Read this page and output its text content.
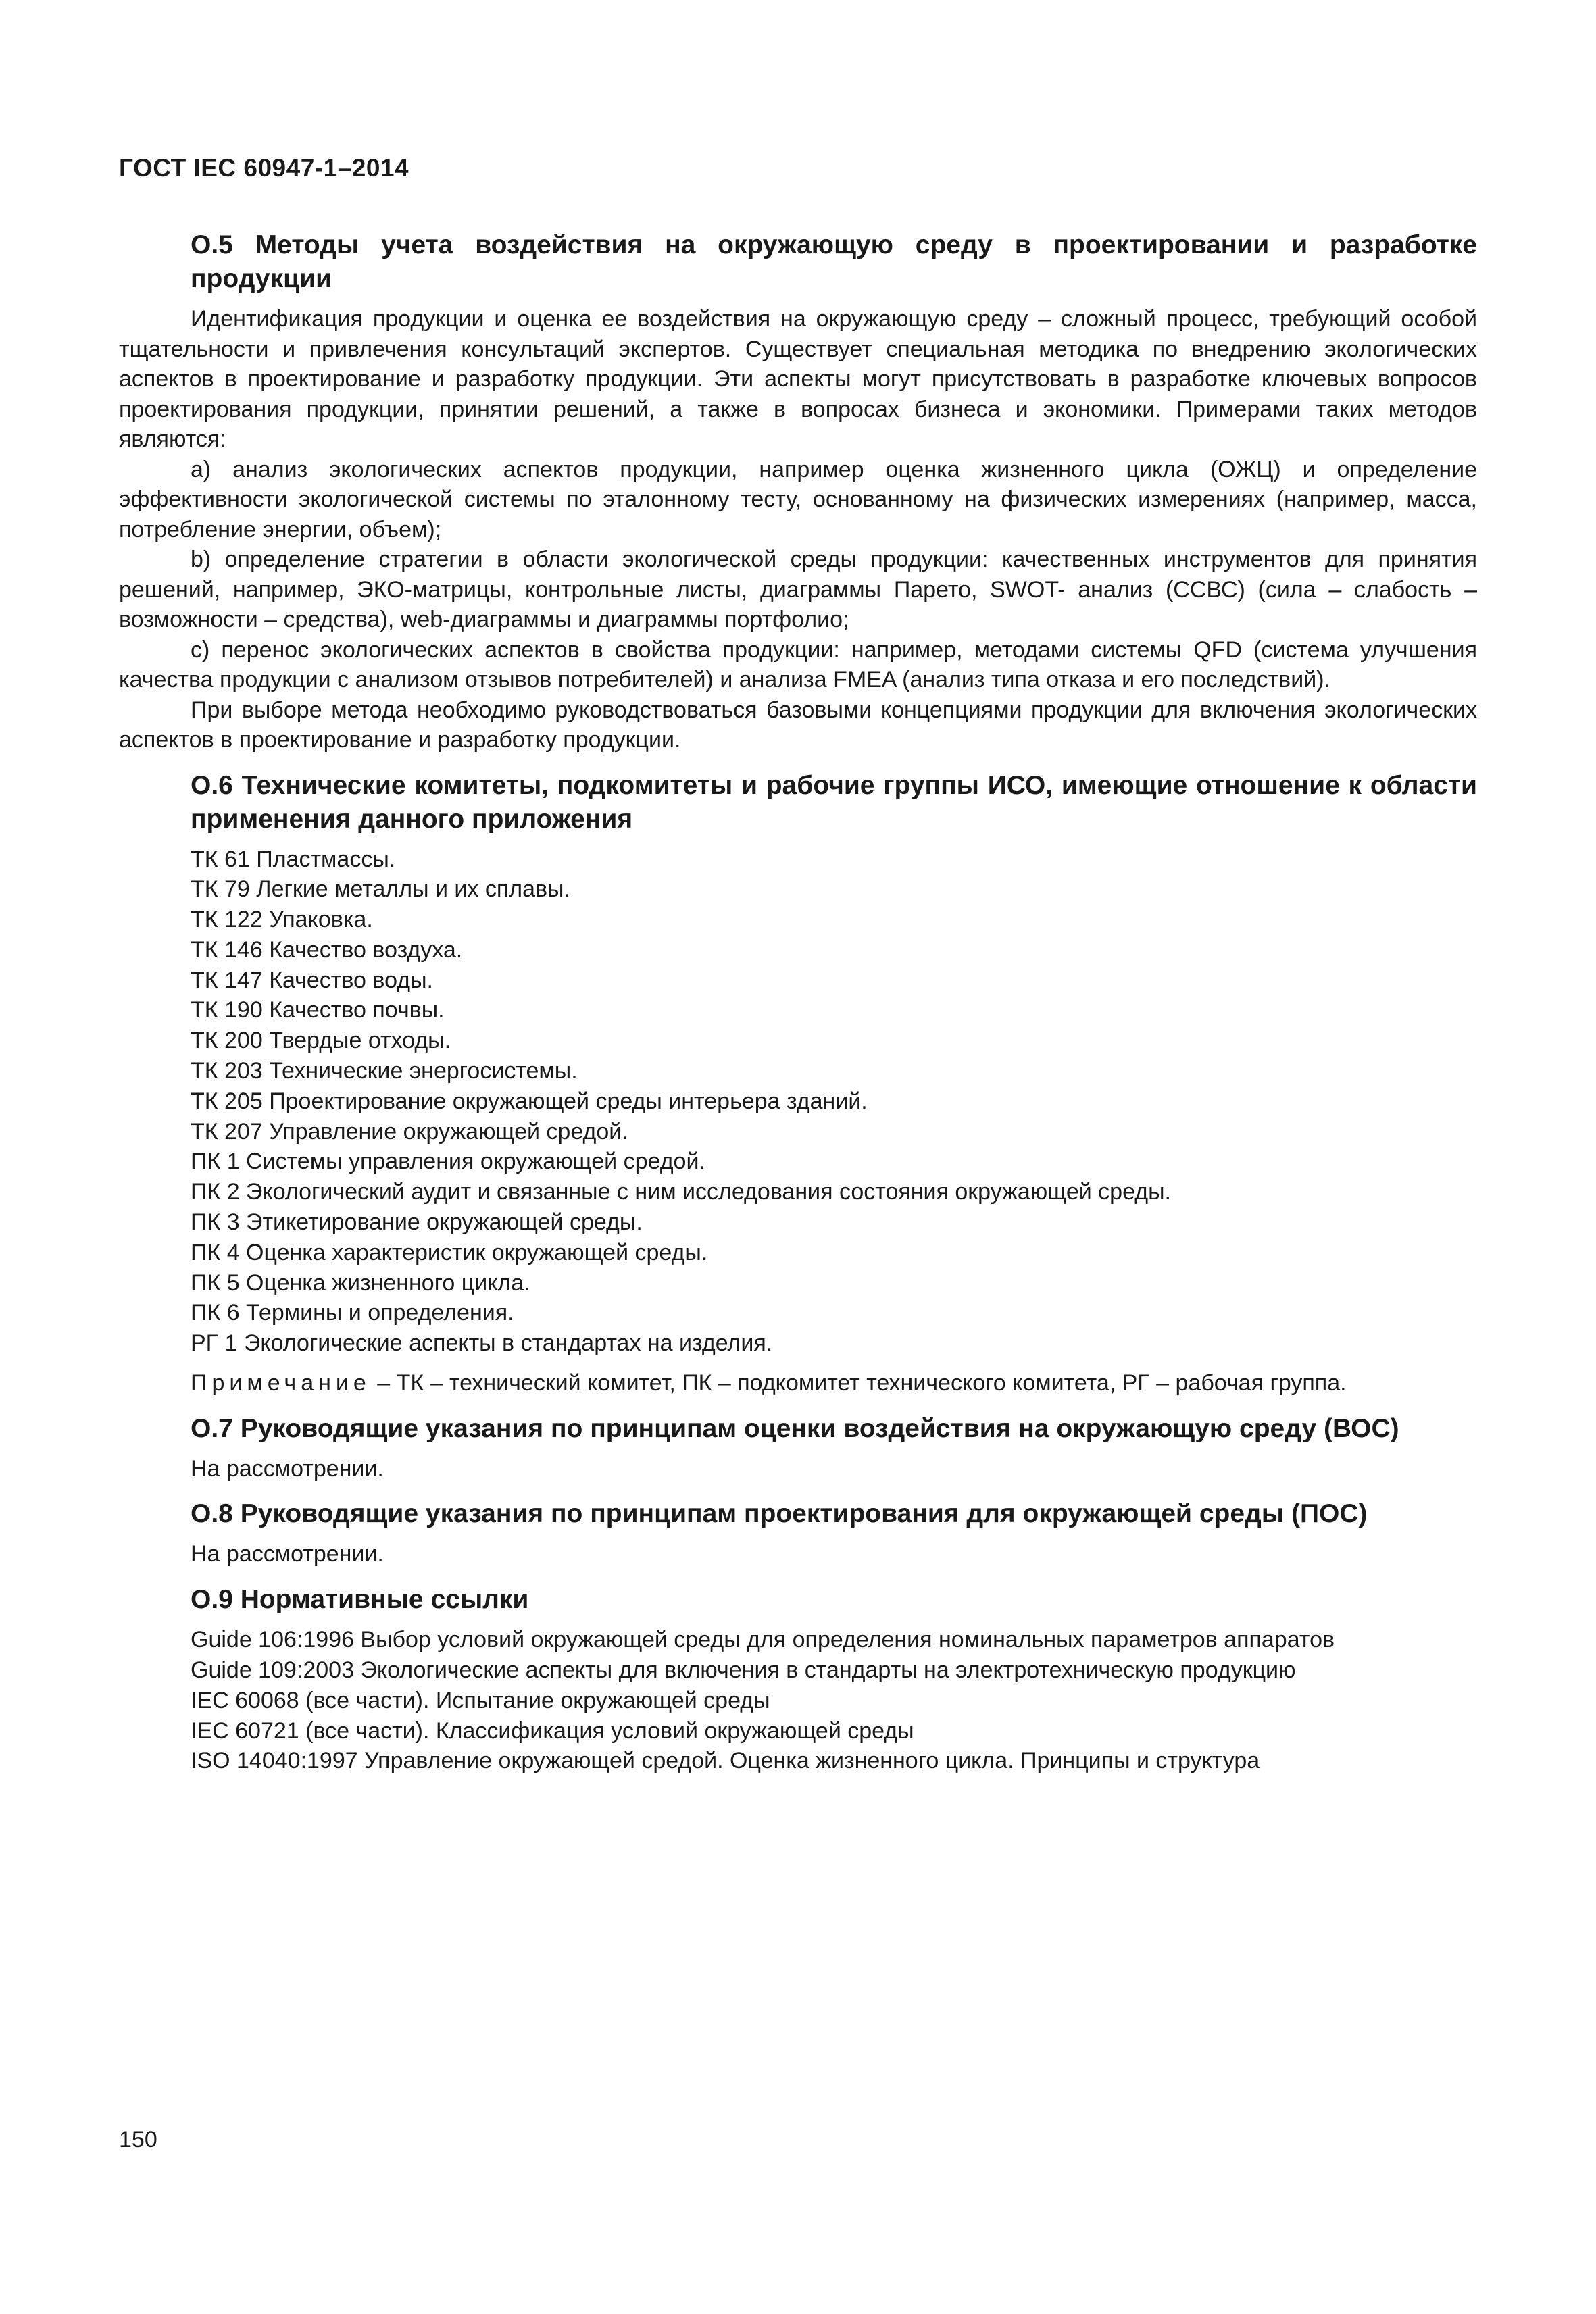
ГОСТ IEC 60947-1–2014
О.5 Методы учета воздействия на окружающую среду в проектировании и разработке продукции

Идентификация продукции и оценка ее воздействия на окружающую среду – сложный процесс, требующий особой тщательности и привлечения консультаций экспертов. Существует специальная методика по внедрению экологических аспектов в проектирование и разработку продукции. Эти аспекты могут присутствовать в разработке ключевых вопросов проектирования продукции, принятии решений, а также в вопросах бизнеса и экономики. Примерами таких методов являются:

a) анализ экологических аспектов продукции, например оценка жизненного цикла (ОЖЦ) и определение эффективности экологической системы по эталонному тесту, основанному на физических измерениях (например, масса, потребление энергии, объем);

b) определение стратегии в области экологической среды продукции: качественных инструментов для принятия решений, например, ЭКО-матрицы, контрольные листы, диаграммы Парето, SWOT- анализ (ССВС) (сила – слабость – возможности – средства), web-диаграммы и диаграммы портфолио;

c) перенос экологических аспектов в свойства продукции: например, методами системы QFD (система улучшения качества продукции с анализом отзывов потребителей) и анализа FMEA (анализ типа отказа и его последствий).

При выборе метода необходимо руководствоваться базовыми концепциями продукции для включения экологических аспектов в проектирование и разработку продукции.

О.6 Технические комитеты, подкомитеты и рабочие группы ИСО, имеющие отношение к области применения данного приложения

ТК 61 Пластмассы.

ТК 79 Легкие металлы и их сплавы.

ТК 122 Упаковка.

ТК 146 Качество воздуха.

ТК 147 Качество воды.

ТК 190 Качество почвы.

ТК 200 Твердые отходы.

ТК 203 Технические энергосистемы.

ТК 205 Проектирование окружающей среды интерьера зданий.

ТК 207 Управление окружающей средой.

ПК 1 Системы управления окружающей средой.

ПК 2 Экологический аудит и связанные с ним исследования состояния окружающей среды.

ПК 3 Этикетирование окружающей среды.

ПК 4 Оценка характеристик окружающей среды.

ПК 5 Оценка жизненного цикла.

ПК 6 Термины и определения.

РГ 1 Экологические аспекты в стандартах на изделия.

Примечание – ТК – технический комитет, ПК – подкомитет технического комитета, РГ – рабочая группа.

О.7 Руководящие указания по принципам оценки воздействия на окружающую среду (ВОС)

На рассмотрении.

О.8 Руководящие указания по принципам проектирования для окружающей среды (ПОС)

На рассмотрении.

О.9 Нормативные ссылки

Guide 106:1996 Выбор условий окружающей среды для определения номинальных параметров аппаратов

Guide 109:2003 Экологические аспекты для включения в стандарты на электротехническую продукцию

IEC 60068 (все части). Испытание окружающей среды

IEC 60721 (все части). Классификация условий окружающей среды

ISO 14040:1997 Управление окружающей средой. Оценка жизненного цикла. Принципы и структура

150
